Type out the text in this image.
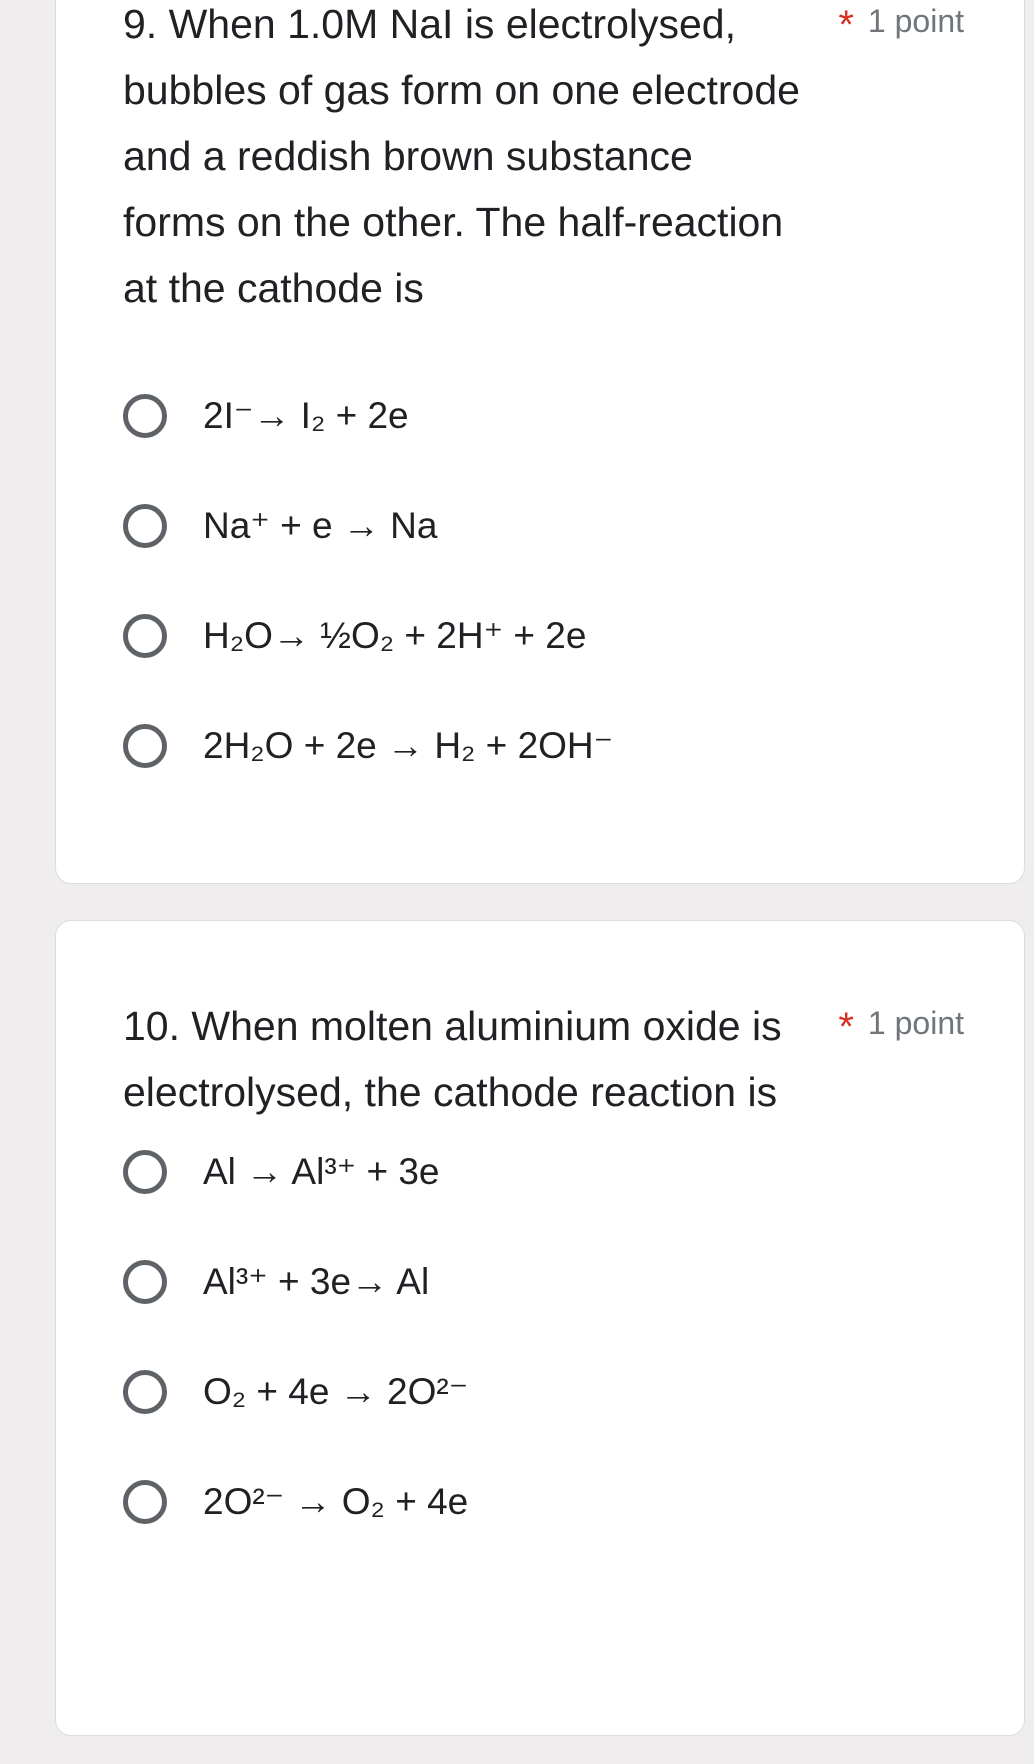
9. When 1.0M NaI is electrolysed, bubbles of gas form on one electrode and a reddish brown substance forms on the other. The half-reaction at the cathode is
* 1 point
2I⁻→ I₂ + 2e
Na⁺ + e → Na
H₂O→ ½O₂ + 2H⁺ + 2e
2H₂O + 2e → H₂ + 2OH⁻
10. When molten aluminium oxide is electrolysed, the cathode reaction is
* 1 point
Al → Al³⁺ + 3e
Al³⁺ + 3e→ Al
O₂ + 4e → 2O²⁻
2O²⁻ → O₂ + 4e
